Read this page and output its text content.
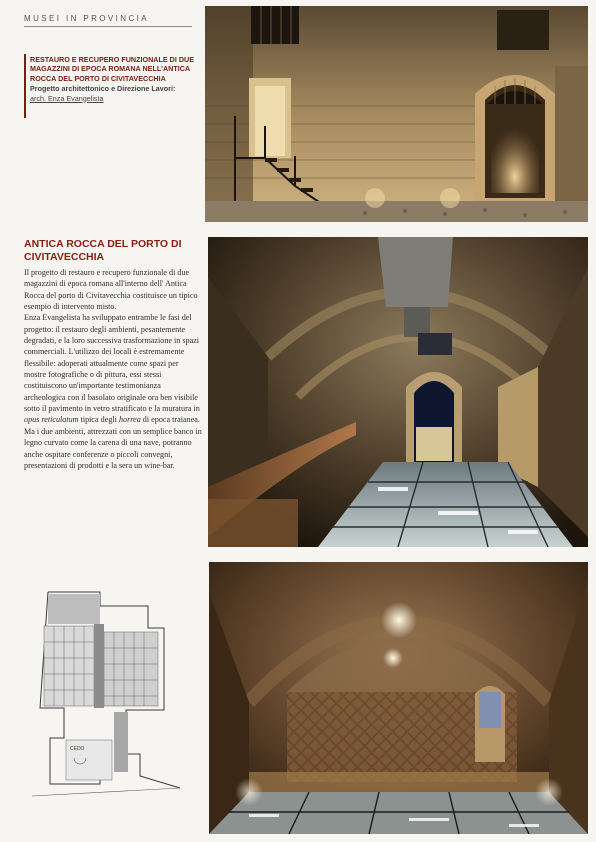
MUSEI IN PROVINCIA
RESTAURO E RECUPERO FUNZIONALE DI DUE MAGAZZINI DI EPOCA ROMANA NELL'ANTICA ROCCA DEL PORTO DI CIVITAVECCHIA
Progetto architettonico e Direzione Lavori:
arch. Enza Evangelista
ANTICA ROCCA DEL PORTO DI CIVITAVECCHIA

Il progetto di restauro e recupero funzionale di due magazzini di epoca romana all'interno dell' Antica Rocca del porto di Civitavecchia costituisce un tipico esempio di intervento misto.

Enza Evangelista ha sviluppato entrambe le fasi del progetto: il restauro degli ambienti, pesantemente degradati, e la loro successiva trasformazione in spazi commerciali. L'utilizzo dei locali è estremamente flessibile: adoperati attualmente come spazi per mostre fotografiche o di pittura, essi stessi costituiscono un'importante testimonianza archeologica con il basolato originale ora ben visibile sotto il pavimento in vetro stratificato e la muratura in opus reticulatum tipica degli horrea di epoca traianea. Ma i due ambienti, attrezzati con un semplice banco in legno curvato come la carena di una nave, potranno anche ospitare conferenze o piccoli convegni, presentazioni di prodotti e la sera un wine-bar.

CEDO
